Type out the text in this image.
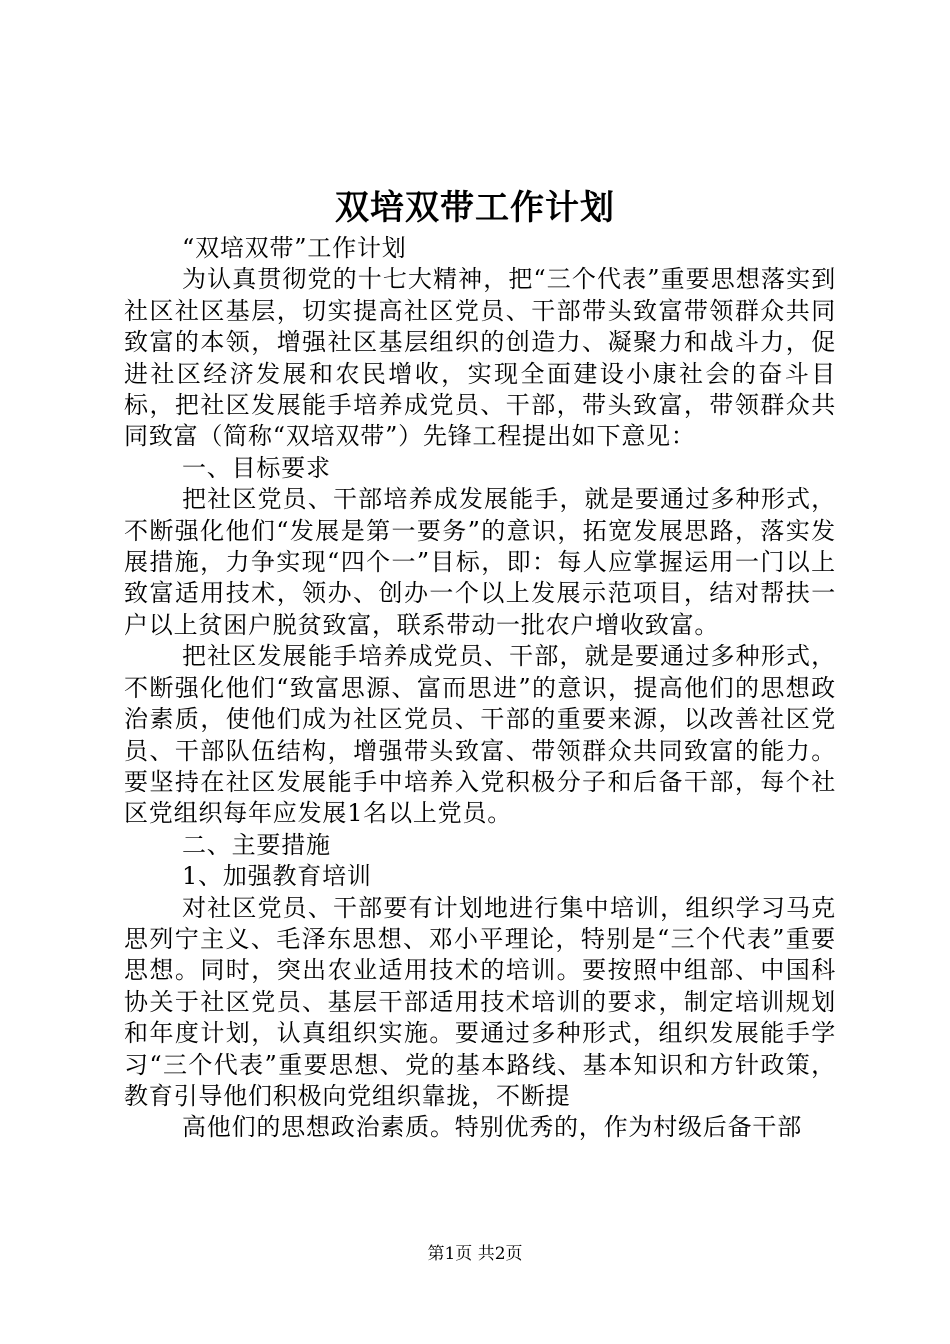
双培双带工作计划

“双培双带”工作计划

为认真贯彻党的十七大精神，把“三个代表”重要思想落实到社区社区基层，切实提高社区党员、干部带头致富带领群众共同致富的本领，增强社区基层组织的创造力、凝聚力和战斗力，促进社区经济发展和农民增收，实现全面建设小康社会的奋斗目标，把社区发展能手培养成党员、干部，带头致富，带领群众共同致富（简称“双培双带”）先锋工程提出如下意见：

一、目标要求

把社区党员、干部培养成发展能手，就是要通过多种形式，不断强化他们“发展是第一要务”的意识，拓宽发展思路，落实发展措施，力争实现“四个一”目标，即：每人应掌握运用一门以上致富适用技术，领办、创办一个以上发展示范项目，结对帮扶一户以上贫困户脱贫致富，联系带动一批农户增收致富。

把社区发展能手培养成党员、干部，就是要通过多种形式，不断强化他们“致富思源、富而思进”的意识，提高他们的思想政治素质，使他们成为社区党员、干部的重要来源，以改善社区党员、干部队伍结构，增强带头致富、带领群众共同致富的能力。要坚持在社区发展能手中培养入党积极分子和后备干部，每个社区党组织每年应发展1名以上党员。

二、主要措施

1、加强教育培训

对社区党员、干部要有计划地进行集中培训，组织学习马克思列宁主义、毛泽东思想、邓小平理论，特别是“三个代表”重要思想。同时，突出农业适用技术的培训。要按照中组部、中国科协关于社区党员、基层干部适用技术培训的要求，制定培训规划和年度计划，认真组织实施。要通过多种形式，组织发展能手学习“三个代表”重要思想、党的基本路线、基本知识和方针政策，教育引导他们积极向党组织靠拢，不断提

高他们的思想政治素质。特别优秀的，作为村级后备干部

第1页 共2页
